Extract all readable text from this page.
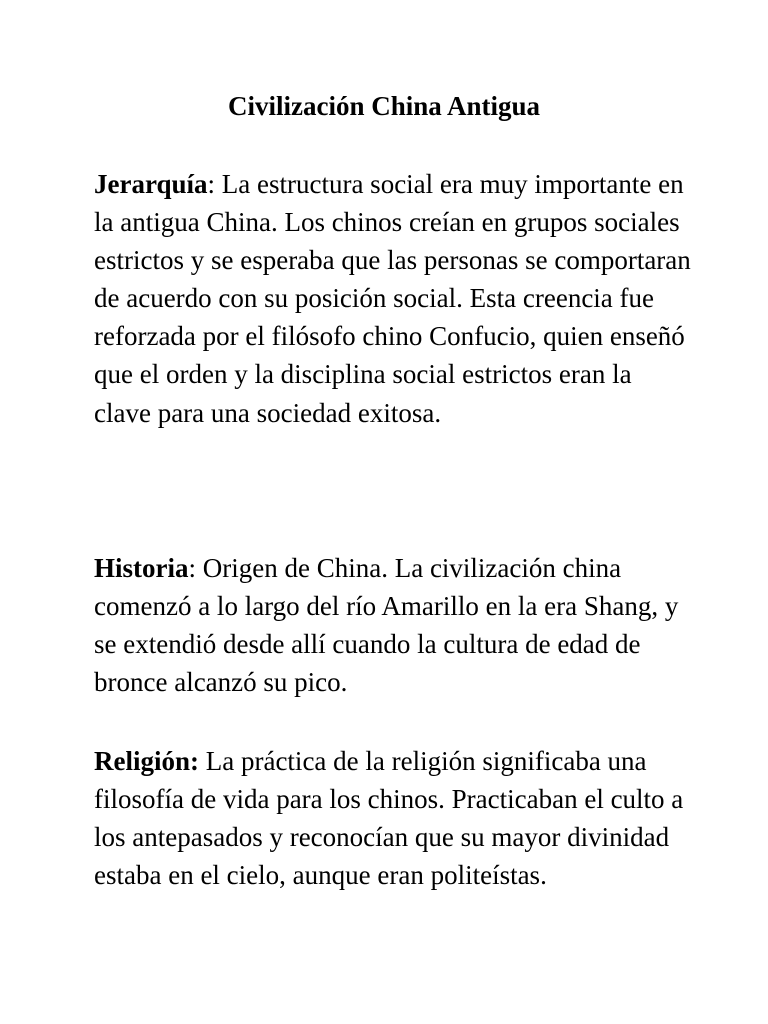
Civilización China Antigua

Jerarquía: La estructura social era muy importante en la antigua China. Los chinos creían en grupos sociales estrictos y se esperaba que las personas se comportaran de acuerdo con su posición social. Esta creencia fue reforzada por el filósofo chino Confucio, quien enseñó que el orden y la disciplina social estrictos eran la clave para una sociedad exitosa.

Historia: Origen de China. La civilización china comenzó a lo largo del río Amarillo en la era Shang, y se extendió desde allí cuando la cultura de edad de bronce alcanzó su pico.

Religión: La práctica de la religión significaba una filosofía de vida para los chinos. Practicaban el culto a los antepasados y reconocían que su mayor divinidad estaba en el cielo, aunque eran politeístas.
